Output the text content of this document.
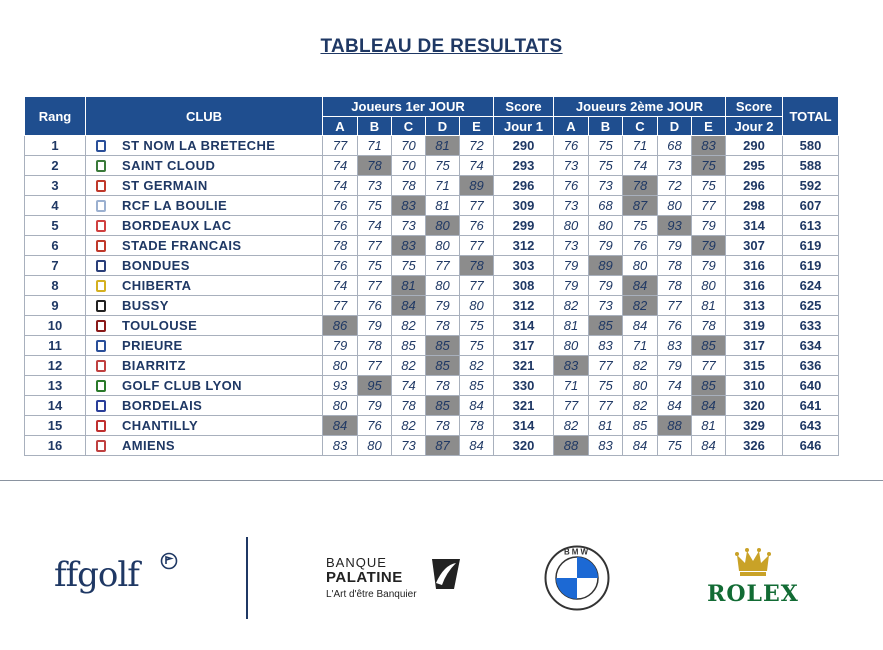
TABLEAU DE RESULTATS
Rang	CLUB	Joueurs 1er JOUR					Score	Joueurs 2ème JOUR					Score	TOTAL
		A	B	C	D	E	Jour 1	A	B	C	D	E	Jour 2	
1	ST NOM LA BRETECHE	77	71	70	81	72	290	76	75	71	68	83	290	580
2	SAINT CLOUD	74	78	70	75	74	293	73	75	74	73	75	295	588
3	ST GERMAIN	74	73	78	71	89	296	76	73	78	72	75	296	592
4	RCF LA BOULIE	76	75	83	81	77	309	73	68	87	80	77	298	607
5	BORDEAUX LAC	76	74	73	80	76	299	80	80	75	93	79	314	613
6	STADE FRANCAIS	78	77	83	80	77	312	73	79	76	79	79	307	619
7	BONDUES	76	75	75	77	78	303	79	89	80	78	79	316	619
8	CHIBERTA	74	77	81	80	77	308	79	79	84	78	80	316	624
9	BUSSY	77	76	84	79	80	312	82	73	82	77	81	313	625
10	TOULOUSE	86	79	82	78	75	314	81	85	84	76	78	319	633
11	PRIEURE	79	78	85	85	75	317	80	83	71	83	85	317	634
12	BIARRITZ	80	77	82	85	82	321	83	77	82	79	77	315	636
13	GOLF CLUB LYON	93	95	74	78	85	330	71	75	80	74	85	310	640
14	BORDELAIS	80	79	78	85	84	321	77	77	82	84	84	320	641
15	CHANTILLY	84	76	82	78	78	314	82	81	85	88	81	329	643
16	AMIENS	83	80	73	87	84	320	88	83	84	75	84	326	646
ffgolf	BANQUE
PALATINE
L'Art d'être Banquier
BMW
ROLEX
